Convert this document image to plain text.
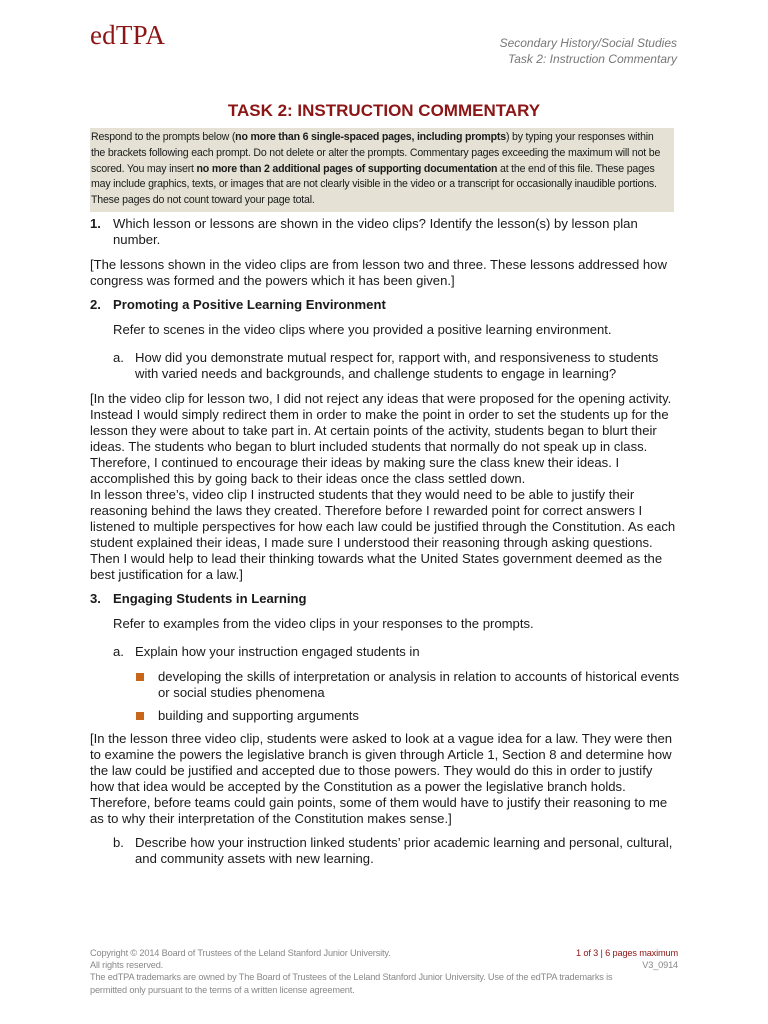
edTPA	Secondary History/Social Studies
Task 2: Instruction Commentary
TASK 2: INSTRUCTION COMMENTARY
Respond to the prompts below (no more than 6 single-spaced pages, including prompts) by typing your responses within the brackets following each prompt. Do not delete or alter the prompts. Commentary pages exceeding the maximum will not be scored. You may insert no more than 2 additional pages of supporting documentation at the end of this file. These pages may include graphics, texts, or images that are not clearly visible in the video or a transcript for occasionally inaudible portions. These pages do not count toward your page total.
1. Which lesson or lessons are shown in the video clips? Identify the lesson(s) by lesson plan number.

[The lessons shown in the video clips are from lesson two and three. These lessons addressed how congress was formed and the powers which it has been given.]

2. Promoting a Positive Learning Environment

Refer to scenes in the video clips where you provided a positive learning environment.

a. How did you demonstrate mutual respect for, rapport with, and responsiveness to students with varied needs and backgrounds, and challenge students to engage in learning?

[In the video clip for lesson two, I did not reject any ideas that were proposed for the opening activity. Instead I would simply redirect them in order to make the point in order to set the students up for the lesson they were about to take part in. At certain points of the activity, students began to blurt their ideas. The students who began to blurt included students that normally do not speak up in class. Therefore, I continued to encourage their ideas by making sure the class knew their ideas. I accomplished this by going back to their ideas once the class settled down.

In lesson three’s, video clip I instructed students that they would need to be able to justify their reasoning behind the laws they created. Therefore before I rewarded point for correct answers I listened to multiple perspectives for how each law could be justified through the Constitution. As each student explained their ideas, I made sure I understood their reasoning through asking questions. Then I would help to lead their thinking towards what the United States government deemed as the best justification for a law.]

3. Engaging Students in Learning

Refer to examples from the video clips in your responses to the prompts.

a. Explain how your instruction engaged students in
developing the skills of interpretation or analysis in relation to accounts of historical events or social studies phenomena
building and supporting arguments

[In the lesson three video clip, students were asked to look at a vague idea for a law. They were then to examine the powers the legislative branch is given through Article 1, Section 8 and determine how the law could be justified and accepted due to those powers. They would do this in order to justify how that idea would be accepted by the Constitution as a power the legislative branch holds. Therefore, before teams could gain points, some of them would have to justify their reasoning to me as to why their interpretation of the Constitution makes sense.]

b. Describe how your instruction linked students’ prior academic learning and personal, cultural, and community assets with new learning.
Copyright © 2014 Board of Trustees of the Leland Stanford Junior University.	1 of 3 | 6 pages maximum
All rights reserved.	V3_0914
The edTPA trademarks are owned by The Board of Trustees of the Leland Stanford Junior University. Use of the edTPA trademarks is
permitted only pursuant to the terms of a written license agreement.
